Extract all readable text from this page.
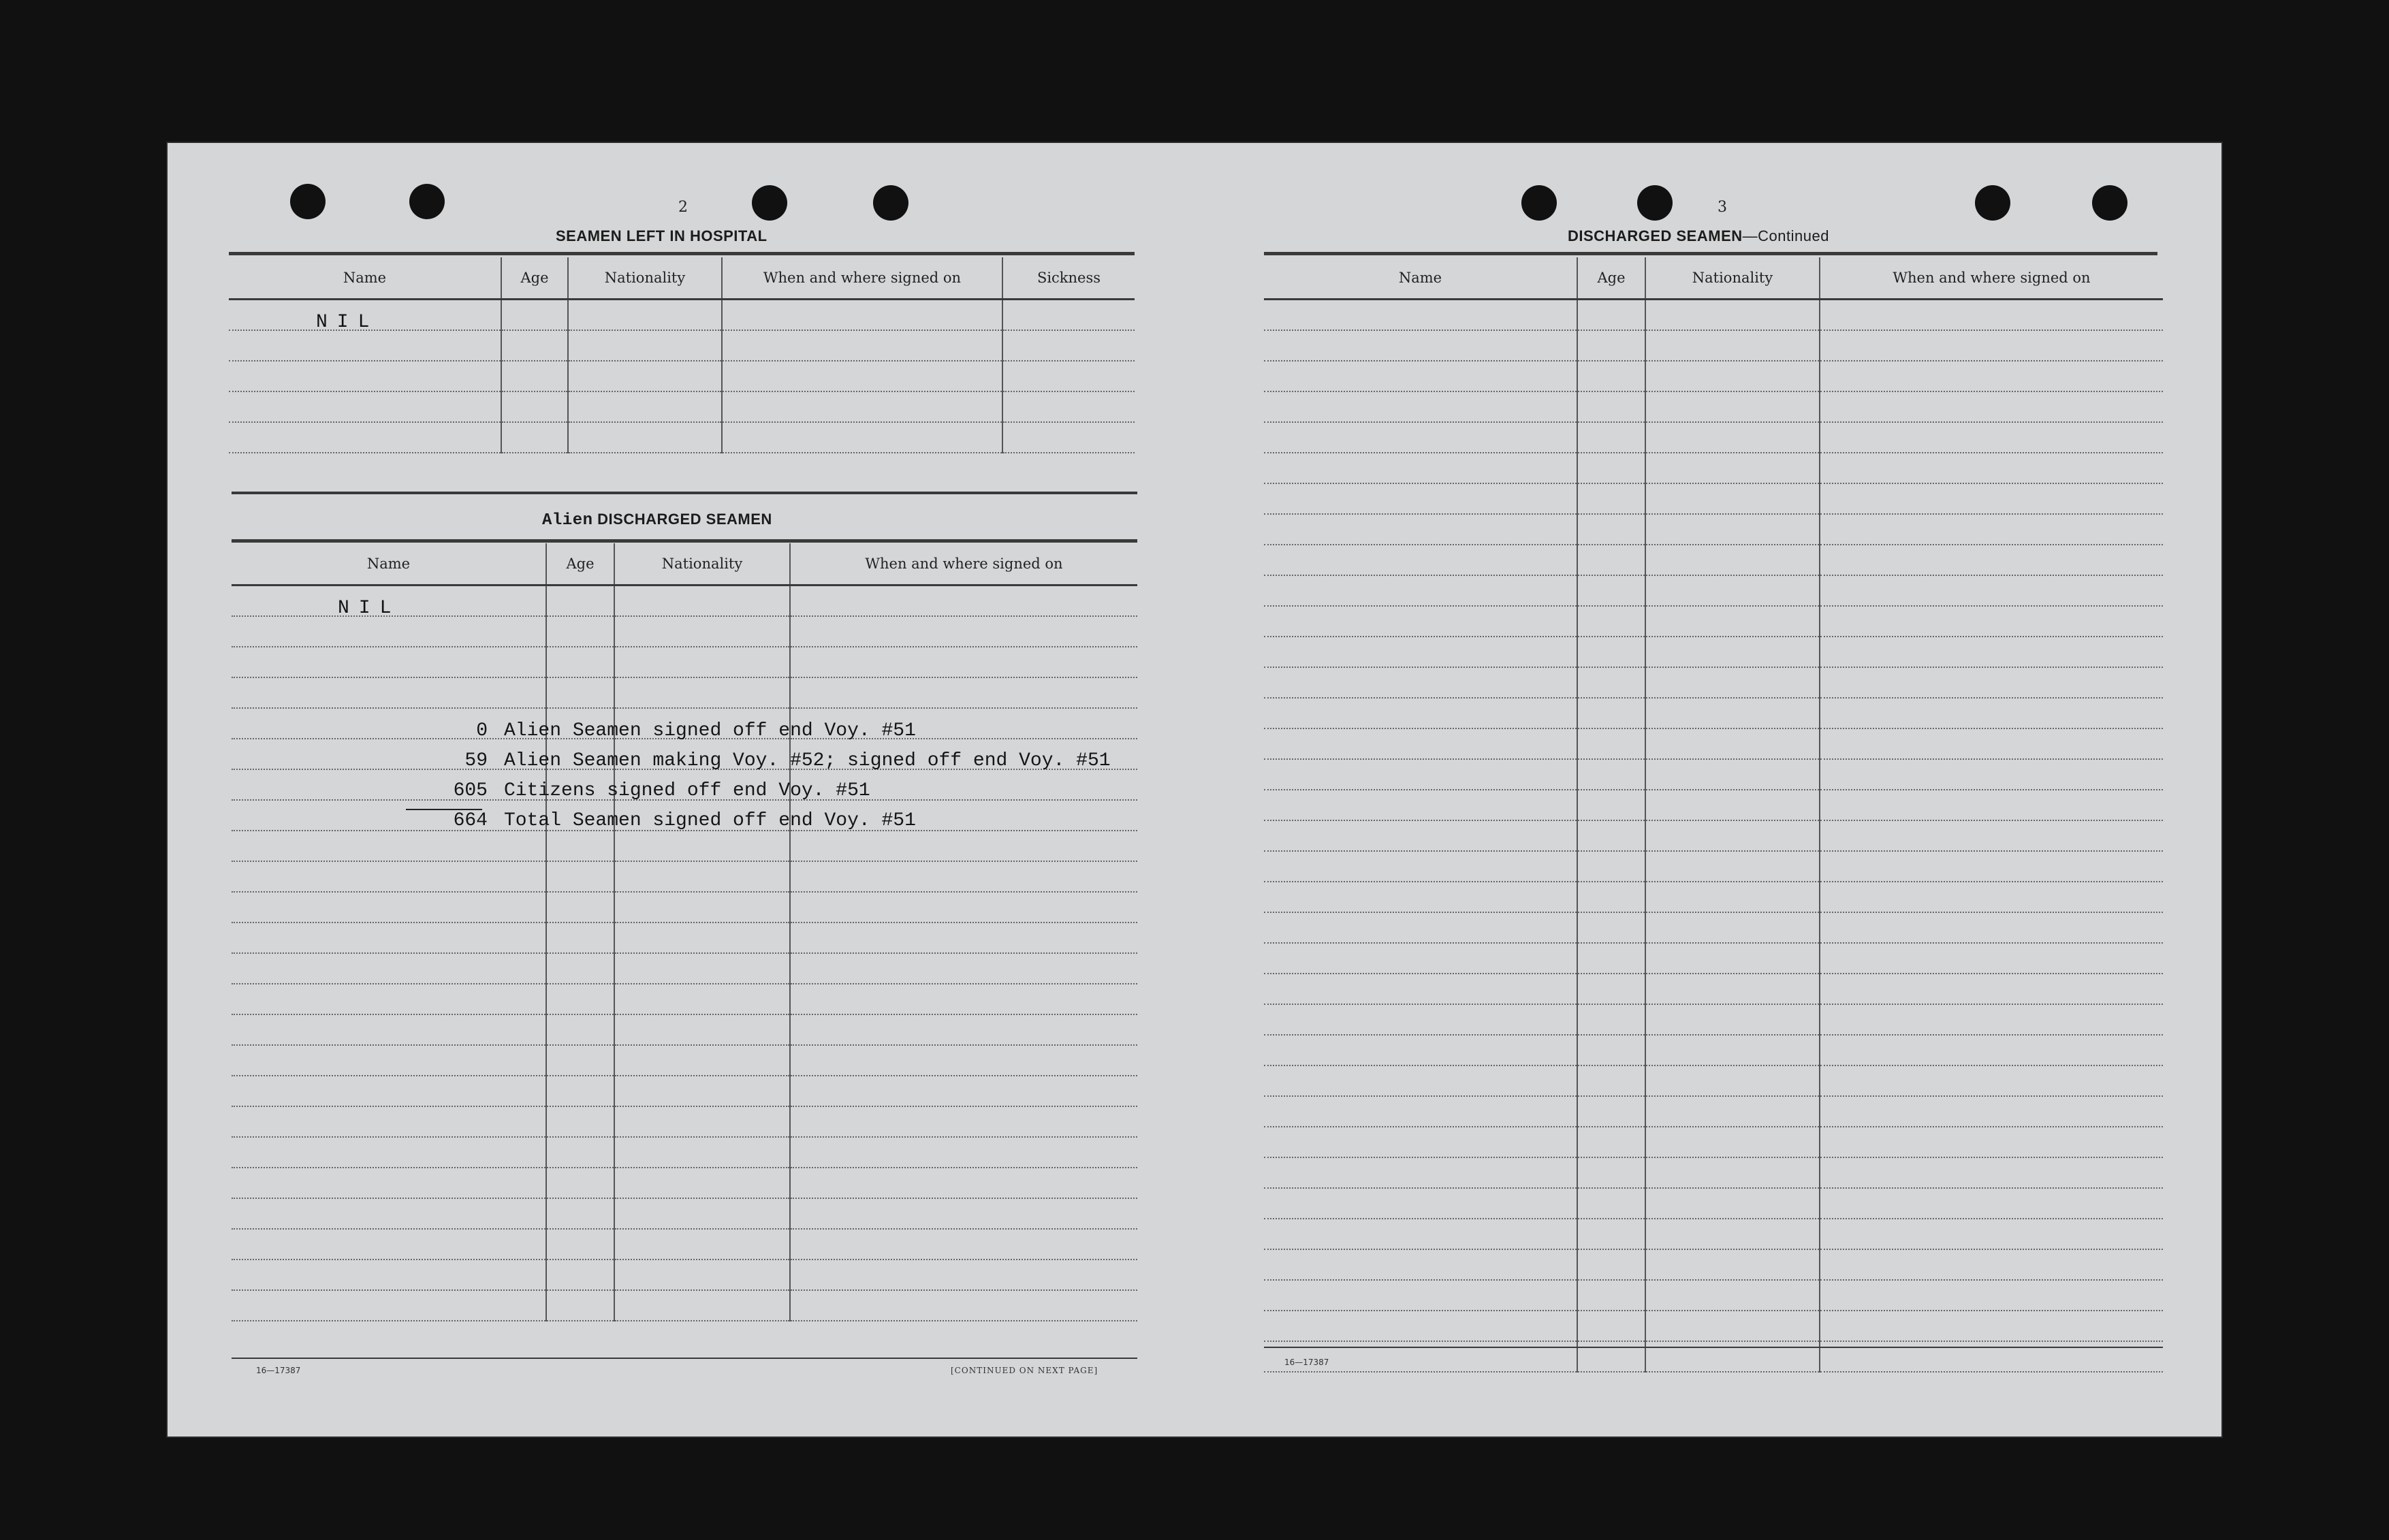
2
SEAMEN LEFT IN HOSPITAL
Name	Age	Nationality	When and where signed on	Sickness

NIL
Alien DISCHARGED SEAMEN
Name	Age	Nationality	When and where signed on

NIL
0 Alien Seamen signed off end Voy. #51
59 Alien Seamen making Voy. #52; signed off end Voy. #51
605 Citizens signed off end Voy. #51
664 Total Seamen signed off end Voy. #51
16—17387	[CONTINUED ON NEXT PAGE]
3
DISCHARGED SEAMEN—Continued
Name	Age	Nationality	When and where signed on

16—17387
